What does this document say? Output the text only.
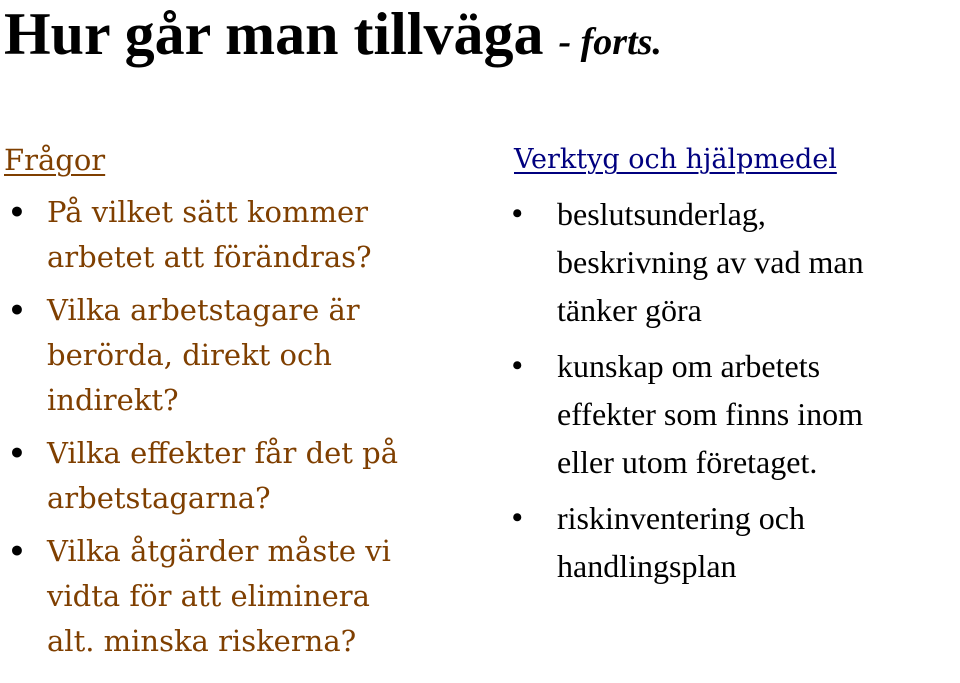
Hur går man tillväga - forts.
Frågor
• På vilket sätt kommer
arbetet att förändras?
• Vilka arbetstagare är
berörda, direkt och
indirekt?
• Vilka effekter får det på
arbetstagarna?
• Vilka åtgärder måste vi
vidta för att eliminera
alt. minska riskerna?
Verktyg och hjälpmedel
• beslutsunderlag,
beskrivning av vad man
tänker göra
• kunskap om arbetets
effekter som finns inom
eller utom företaget.
• riskinventering och
handlingsplan
